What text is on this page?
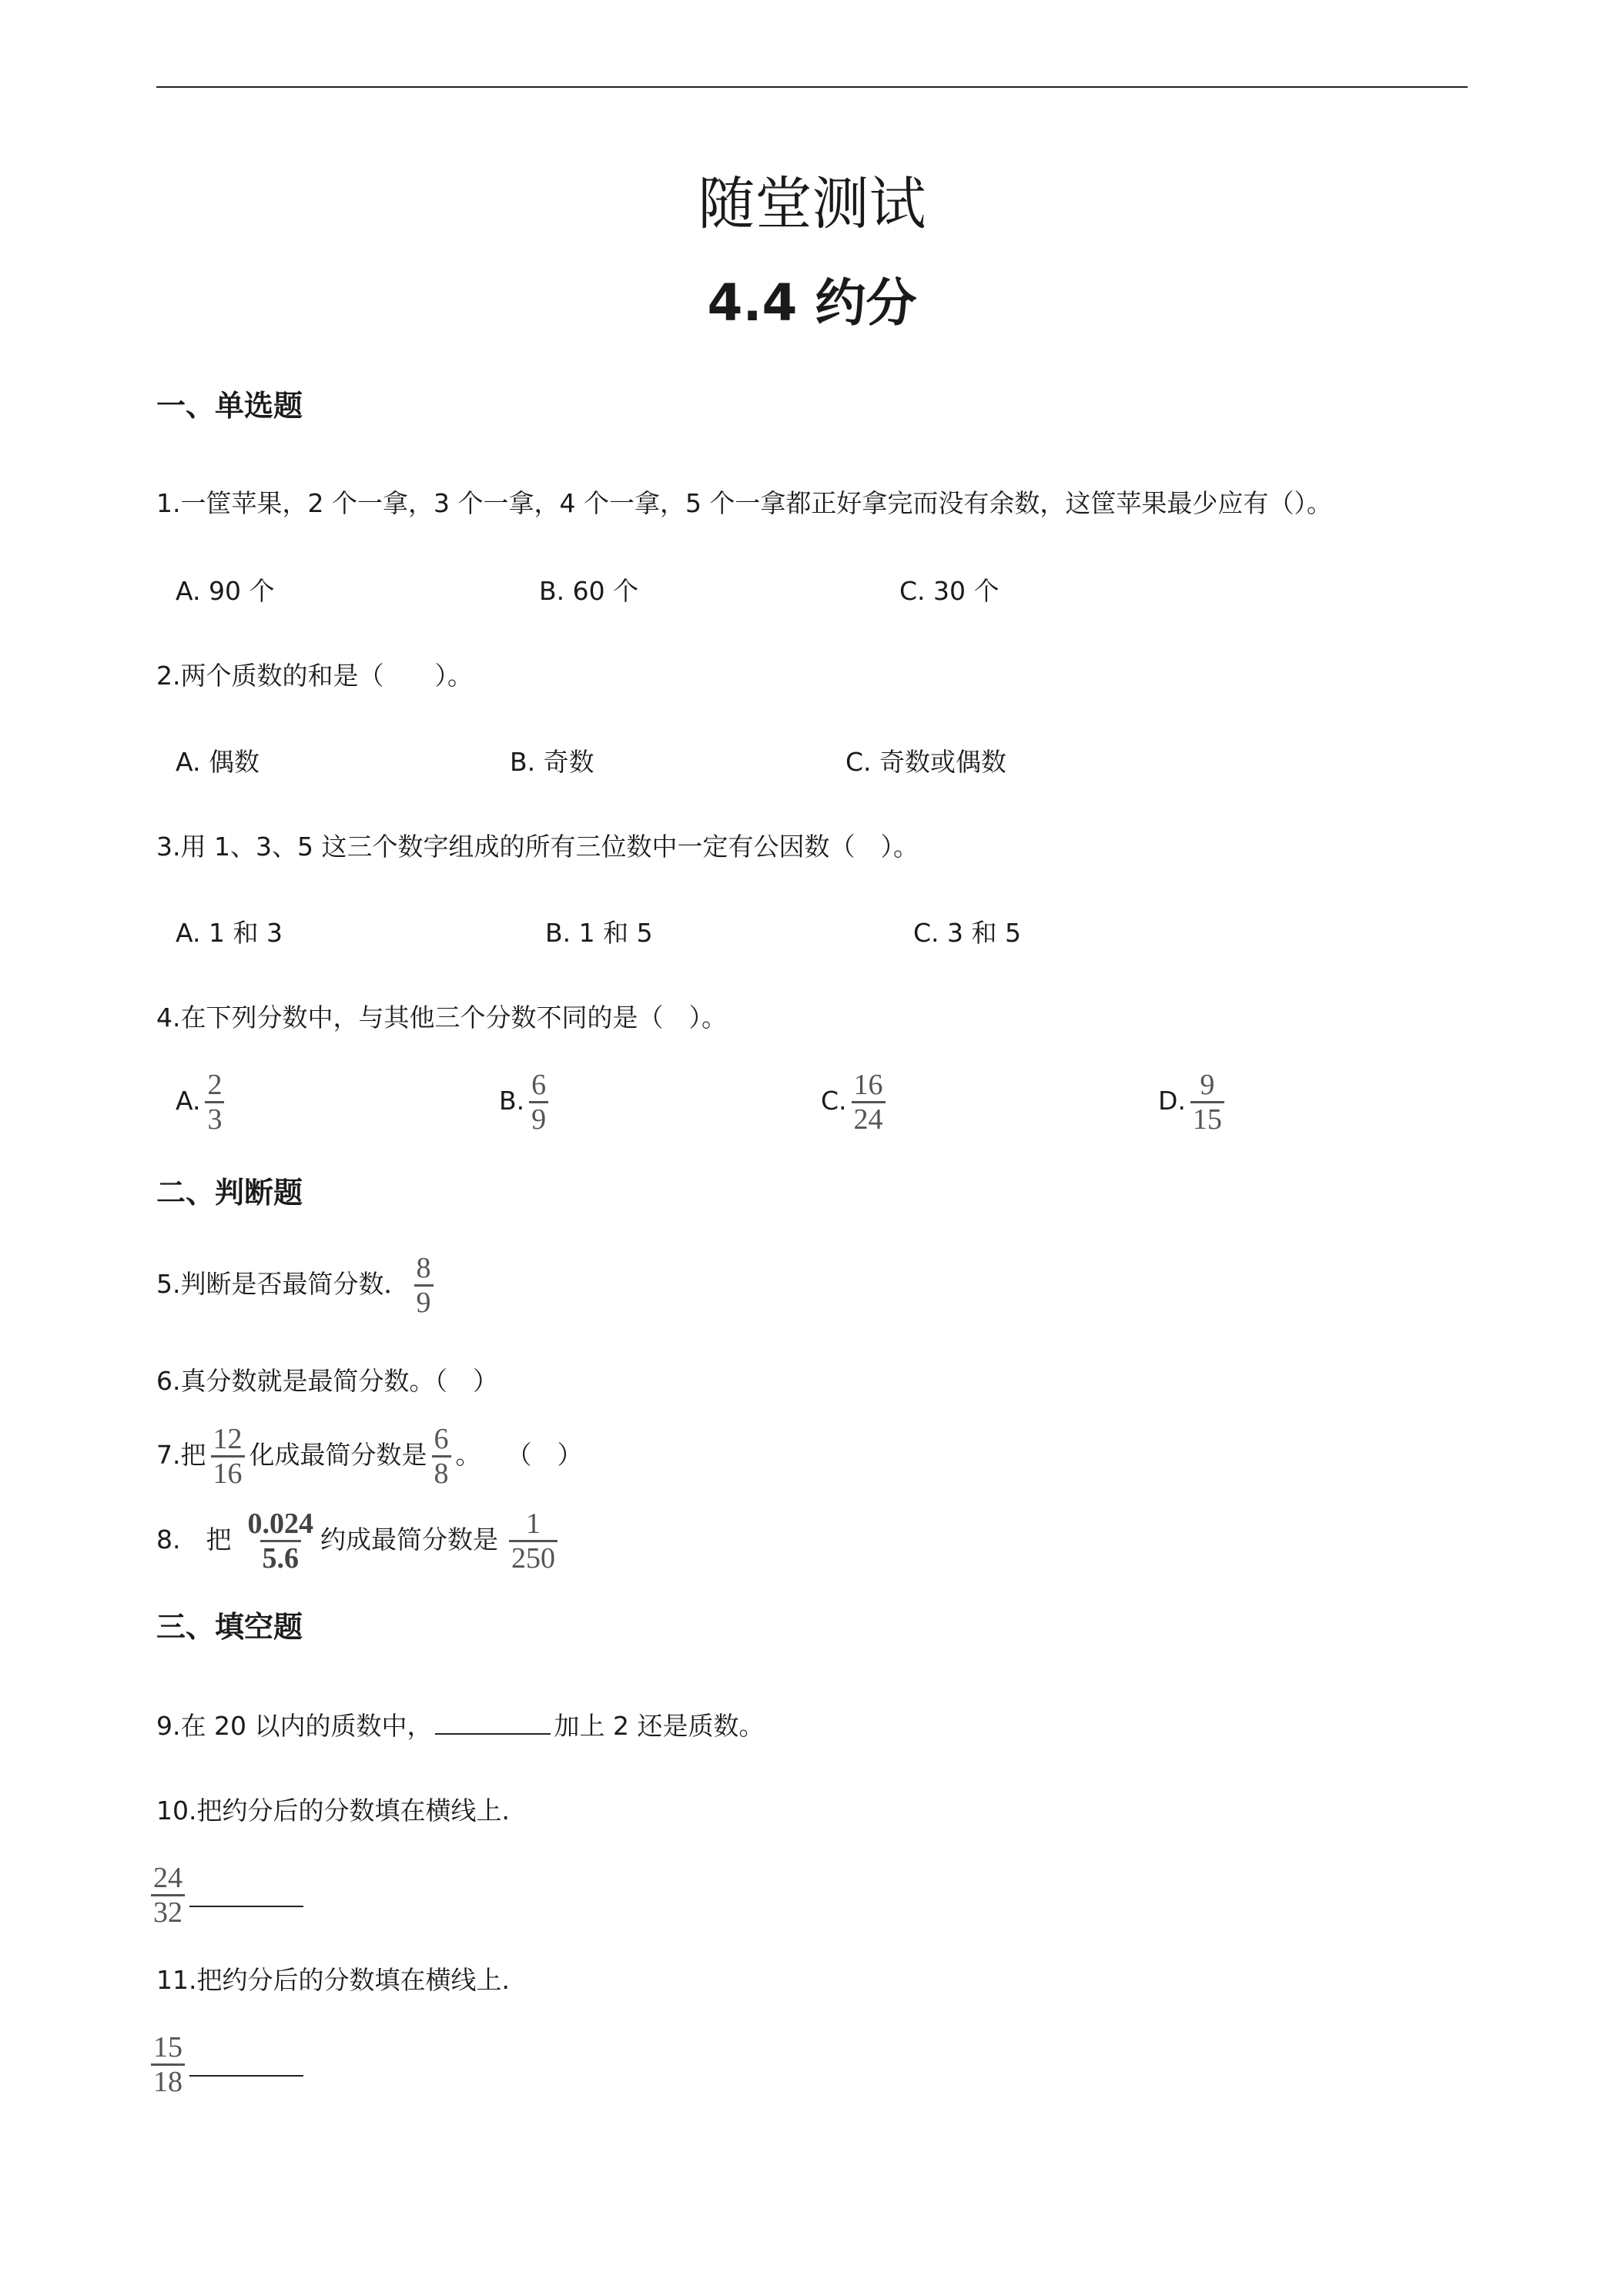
随堂测试
4.4 约分
一、单选题
1.一筐苹果，2 个一拿，3 个一拿，4 个一拿，5 个一拿都正好拿完而没有余数，这筐苹果最少应有（）。
A. 90 个	B. 60 个	C. 30 个
2.两个质数的和是（　　）。
A. 偶数	B. 奇数	C. 奇数或偶数
3.用 1、3、5 这三个数字组成的所有三位数中一定有公因数（　）。
A. 1 和 3	B. 1 和 5	C. 3 和 5
4.在下列分数中，与其他三个分数不同的是（　）。
A. $\frac{2}{3}$	B. $\frac{6}{9}$	C. $\frac{16}{24}$	D. $\frac{9}{15}$
二、判断题
5.判断是否最简分数． $\frac{8}{9}$
6.真分数就是最简分数。（　）
7.把 $\frac{12}{16}$ 化成最简分数是 $\frac{6}{8}$ 。　　（　）
8.　把 $\frac{0.024}{5.6}$ 约成最简分数是 $\frac{1}{250}$
三、填空题
9.在 20 以内的质数中，	加上 2 还是质数。
10.把约分后的分数填在横线上.
$\frac{24}{32}$
11.把约分后的分数填在横线上.
$\frac{15}{18}$
